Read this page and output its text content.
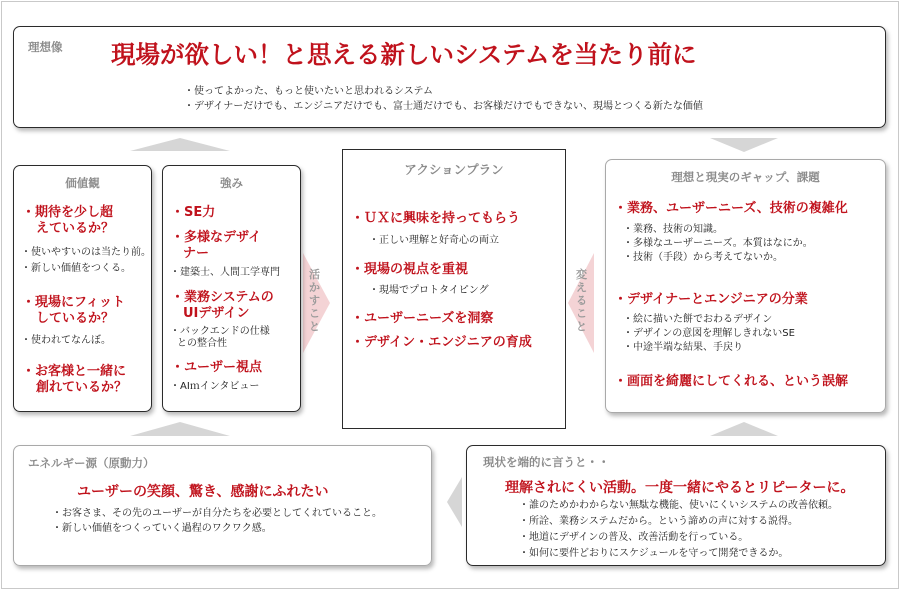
理想像 現場が欲しい！と思える新しいシステムを当たり前に
・使ってよかった、もっと使いたいと思われるシステム
・デザイナーだけでも、エンジニアだけでも、富士通だけでも、お客様だけでもできない、現場とつくる新たな価値
活かすこと
変えること
価値観
・期待を少し超
えているか？
・使いやすいのは当たり前。
・新しい価値をつくる。
・現場にフィット
しているか？
・使われてなんぼ。
・お客様と一緒に
創れているか？
強み
・SE力
・多様なデザイ
ナー
・建築士、人間工学専門
・業務システムの
UIデザイン
・バックエンドの仕様
との整合性
・ユーザー視点
・AIｍインタビュー
アクションプラン
・ＵＸに興味を持ってもらう
・正しい理解と好奇心の両立
・現場の視点を重視
・現場でプロトタイピング
・ユーザーニーズを洞察
・デザイン・エンジニアの育成
理想と現実のギャップ、課題
・業務、ユーザーニーズ、技術の複雑化
・業務、技術の知識。
・多様なユーザーニーズ。本質はなにか。
・技術（手段）から考えてないか。
・デザイナーとエンジニアの分業
・絵に描いた餅でおわるデザイン
・デザインの意図を理解しきれないSE
・中途半端な結果、手戻り
・画面を綺麗にしてくれる、という誤解
エネルギー源（原動力）
ユーザーの笑顔、驚き、感謝にふれたい
・お客さま、その先のユーザーが自分たちを必要としてくれていること。
・新しい価値をつくっていく過程のワクワク感。
現状を端的に言うと・・
理解されにくい活動。一度一緒にやるとリピーターに。
・誰のためかわからない無駄な機能、使いにくいシステムの改善依頼。
・所詮、業務システムだから。という諦めの声に対する説得。
・地道にデザインの普及、改善活動を行っている。
・如何に要件どおりにスケジュールを守って開発できるか。
